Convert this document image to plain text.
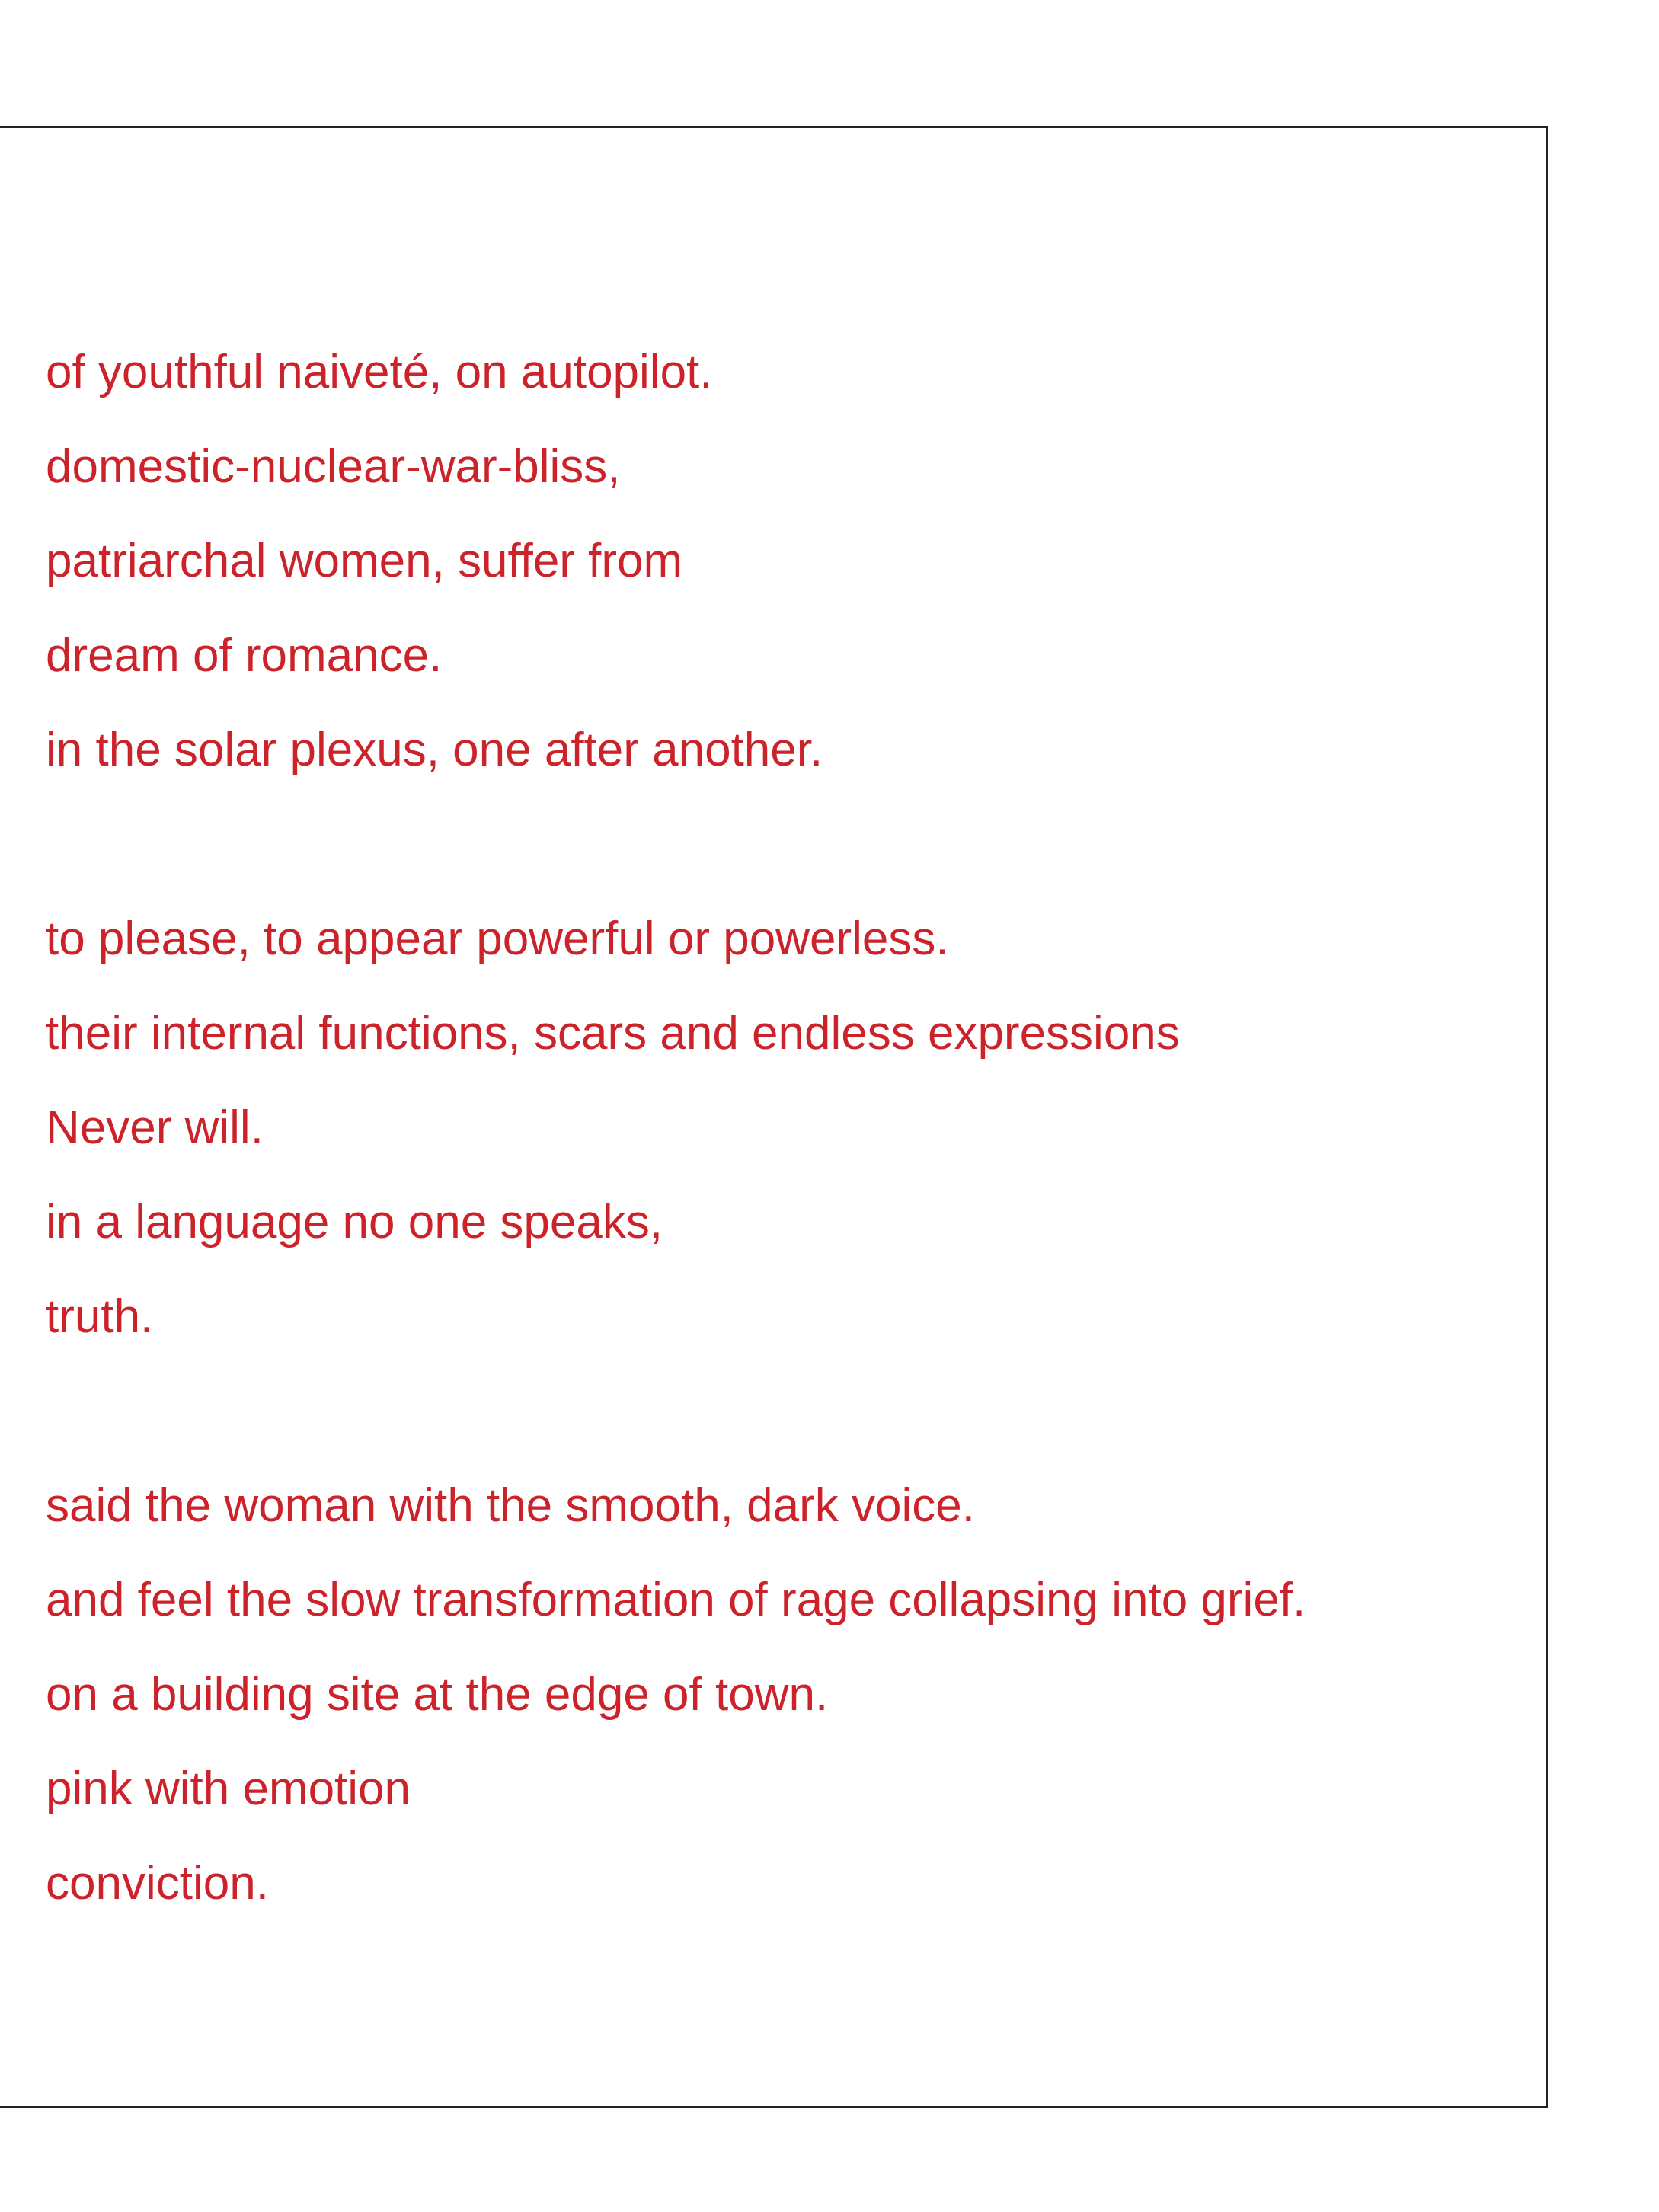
of youthful naiveté, on autopilot.
domestic-nuclear-war-bliss,
patriarchal women, suffer from
dream of romance.
in the solar plexus, one after another.
to please, to appear powerful or powerless.
their internal functions, scars and endless expressions
Never will.
in a language no one speaks,
truth.
said the woman with the smooth, dark voice.
and feel the slow transformation of rage collapsing into grief.
on a building site at the edge of town.
pink with emotion
conviction.
